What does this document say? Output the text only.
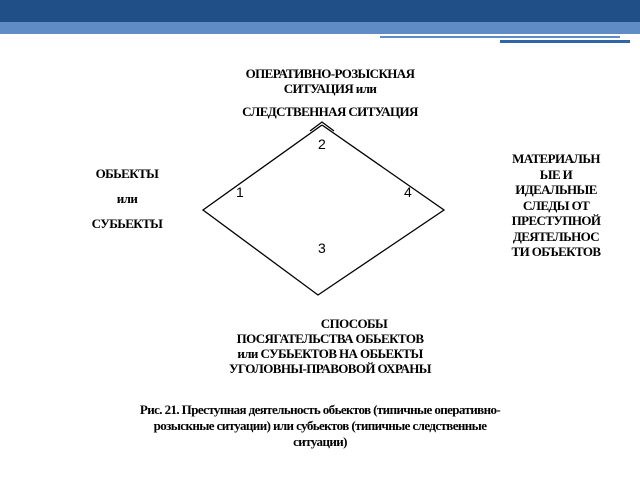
ОПЕРАТИВНО-РОЗЫСКНАЯ
СИТУАЦИЯ или
СЛЕДСТВЕННАЯ СИТУАЦИЯ
ОБЬЕКТЫ
или
СУБЬЕКТЫ
МАТЕРИАЛЬН
ЫЕ И
ИДЕАЛЬНЫЕ
СЛЕДЫ ОТ
ПРЕСТУПНОЙ
ДЕЯТЕЛЬНОС
ТИ ОБЪЕКТОВ
2
1	4
3
СПОСОБЫ
ПОСЯГАТЕЛЬСТВА ОБЬЕКТОВ
или СУБЬЕКТОВ НА ОБЬЕКТЫ
УГОЛОВНЫ-ПРАВОВОЙ ОХРАНЫ
Рис. 21. Преступная деятельность обьектов (типичные оперативно-
розыскные ситуации) или субьектов (типичные следственные
ситуации)
